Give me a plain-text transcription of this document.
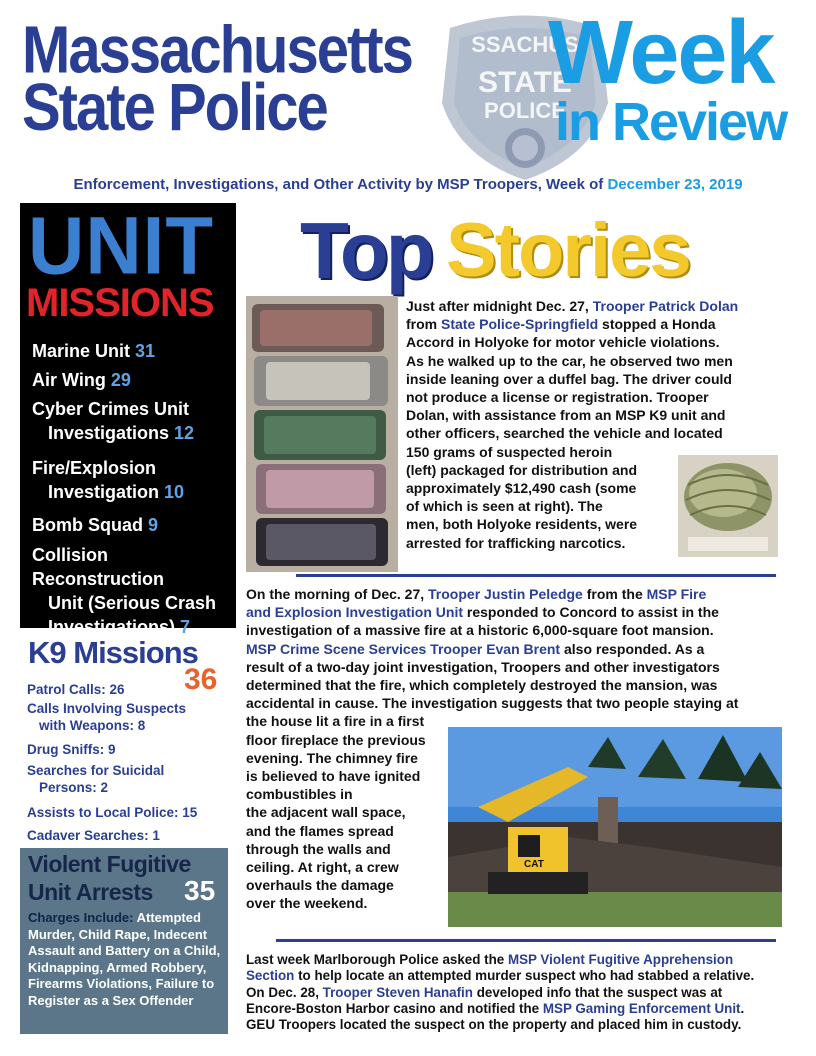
SSACHUS
STATE
POLICE
Massachusetts
State Police
Week
in Review
Enforcement, Investigations, and Other Activity by MSP Troopers, Week of December 23, 2019
UNIT
MISSIONS
Marine Unit 31
Air Wing 29
Cyber Crimes Unit
Investigations 12
Fire/Explosion
Investigation 10
Bomb Squad 9
Collision Reconstruction
Unit (Serious Crash
Investigations) 7
K9 Missions
36
Patrol Calls: 26
Calls Involving Suspects
with Weapons: 8
Drug Sniffs: 9
Searches for Suicidal
Persons: 2
Assists to Local Police: 15
Cadaver Searches: 1
Violent Fugitive
Unit Arrests	35
Charges Include: Attempted Murder, Child Rape, Indecent Assault and Battery on a Child, Kidnapping, Armed Robbery, Firearms Violations, Failure to Register as a Sex Offender
Top Stories
CAT
Just after midnight Dec. 27, Trooper Patrick Dolan
from State Police-Springfield stopped a Honda
Accord in Holyoke for motor vehicle violations.
As he walked up to the car, he observed two men
inside leaning over a duffel bag. The driver could
not produce a license or registration. Trooper
Dolan, with assistance from an MSP K9 unit and
other officers, searched the vehicle and located
150 grams of suspected heroin
(left) packaged for distribution and
approximately $12,490 cash (some
of which is seen at right). The
men, both Holyoke residents, were
arrested for trafficking narcotics.
On the morning of Dec. 27, Trooper Justin Peledge from the MSP Fire
and Explosion Investigation Unit responded to Concord to assist in the
investigation of a massive fire at a historic 6,000-square foot mansion.
MSP Crime Scene Services Trooper Evan Brent also responded. As a
result of a two-day joint investigation, Troopers and other investigators
determined that the fire, which completely destroyed the mansion, was
accidental in cause. The investigation suggests that two people staying at
the house lit a fire in a first
floor fireplace the previous
evening. The chimney fire
is believed to have ignited
combustibles in
the adjacent wall space,
and the flames spread
through the walls and
ceiling. At right, a crew
overhauls the damage
over the weekend.
Last week Marlborough Police asked the MSP Violent Fugitive Apprehension
Section to help locate an attempted murder suspect who had stabbed a relative.
On Dec. 28, Trooper Steven Hanafin developed info that the suspect was at
Encore-Boston Harbor casino and notified the MSP Gaming Enforcement Unit.
GEU Troopers located the suspect on the property and placed him in custody.
